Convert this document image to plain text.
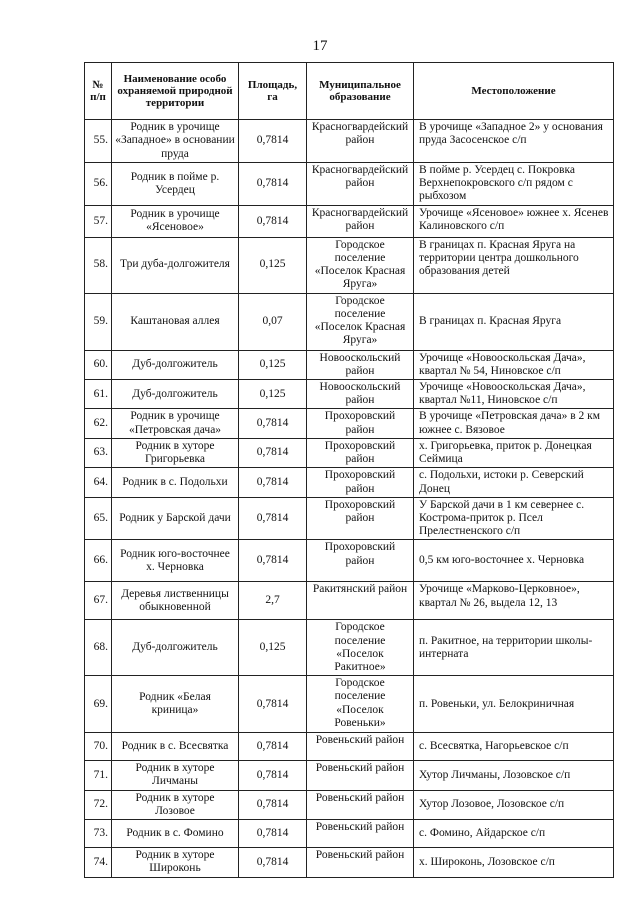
17
№ п/п	Наименование особо охраняемой природной территории	Площадь, га	Муниципальное образование	Местоположение
55.	Родник в урочище «Западное» в основании пруда	0,7814	Красногвардейский район	В урочище «Западное 2» у основания пруда Засосенское с/п
56.	Родник в пойме р. Усердец	0,7814	Красногвардейский район	В пойме р. Усердец с. Покровка Верхнепокровского с/п рядом с рыбхозом
57.	Родник в урочище «Ясеновое»	0,7814	Красногвардейский район	Урочище «Ясеновое» южнее х. Ясенев Калиновского с/п
58.	Три дуба-долгожителя	0,125	Городское поселение «Поселок Красная Яруга»	В границах п. Красная Яруга на территории центра дошкольного образования детей
59.	Каштановая аллея	0,07	Городское поселение «Поселок Красная Яруга»	В границах п. Красная Яруга
60.	Дуб-долгожитель	0,125	Новооскольский район	Урочище «Новооскольская Дача», квартал № 54, Ниновское с/п
61.	Дуб-долгожитель	0,125	Новооскольский район	Урочище «Новооскольская Дача», квартал №11, Ниновское с/п
62.	Родник в урочище «Петровская дача»	0,7814	Прохоровский район	В урочище «Петровская дача» в 2 км южнее с. Вязовое
63.	Родник в хуторе Григорьевка	0,7814	Прохоровский район	х. Григорьевка, приток р. Донецкая Сеймица
64.	Родник в с. Подольхи	0,7814	Прохоровский район	с. Подольхи, истоки р. Северский Донец
65.	Родник у Барской дачи	0,7814	Прохоровский район	У Барской дачи в 1 км севернее с. Кострома-приток р. Псел Прелестненского с/п
66.	Родник юго-восточнее х. Черновка	0,7814	Прохоровский район	0,5 км юго-восточнее х. Черновка
67.	Деревья лиственницы обыкновенной	2,7	Ракитянский район	Урочище «Марково-Церковное», квартал № 26, выдела 12, 13
68.	Дуб-долгожитель	0,125	Городское поселение «Поселок Ракитное»	п. Ракитное, на территории школы-интерната
69.	Родник «Белая криница»	0,7814	Городское поселение «Поселок Ровеньки»	п. Ровеньки, ул. Белокриничная
70.	Родник в с. Всесвятка	0,7814	Ровеньский район	с. Всесвятка, Нагорьевское с/п
71.	Родник в хуторе Личманы	0,7814	Ровеньский район	Хутор Личманы, Лозовское с/п
72.	Родник в хуторе Лозовое	0,7814	Ровеньский район	Хутор Лозовое, Лозовское с/п
73.	Родник в с. Фомино	0,7814	Ровеньский район	с. Фомино, Айдарское с/п
74.	Родник в хуторе Широконь	0,7814	Ровеньский район	х. Широконь, Лозовское с/п
